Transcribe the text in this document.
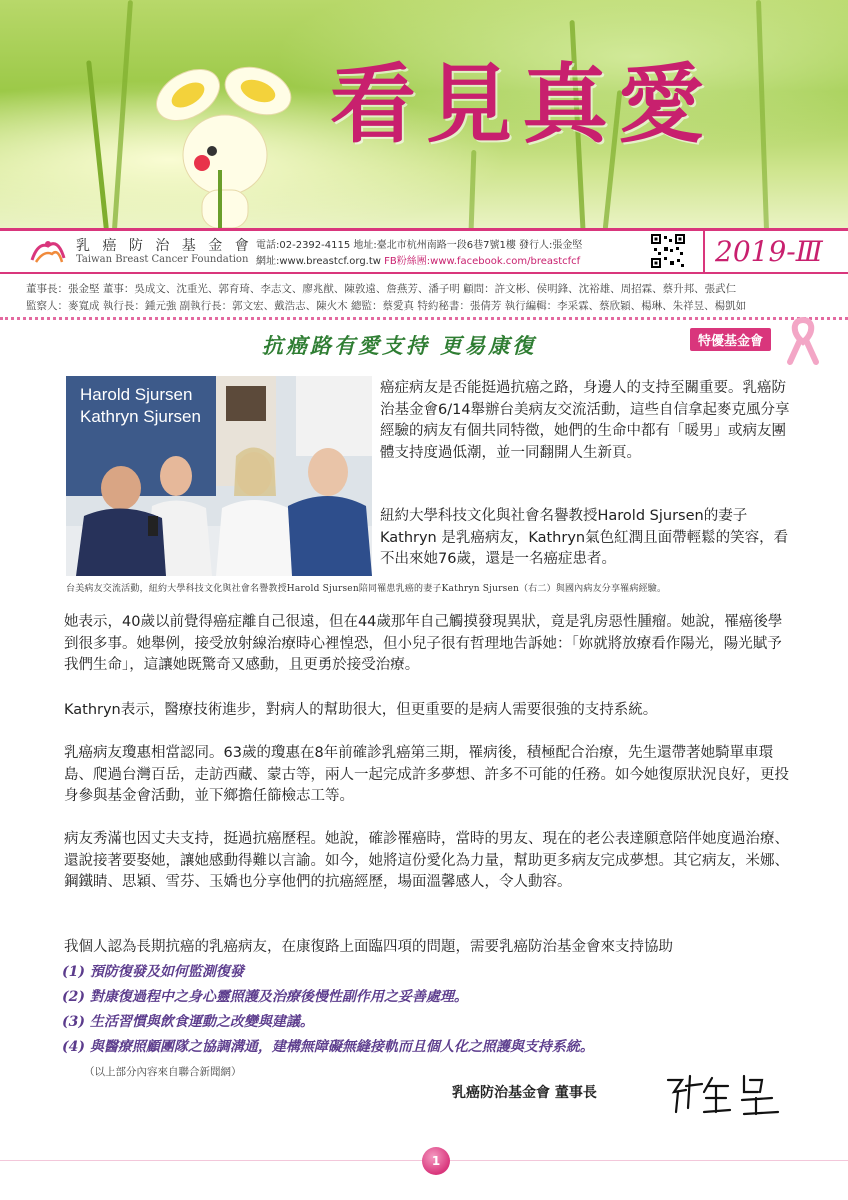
看見真愛
乳 癌 防 治 基 金 會
Taiwan Breast Cancer Foundation
電話:02-2392-4115 地址:臺北市杭州南路一段6巷7號1樓 發行人:張金堅
網址:www.breastcf.org.tw FB粉絲團:www.facebook.com/breastcfcf	2019-Ⅲ
董事長：張金堅 董事：吳成文、沈重光、郭育琦、李志文、廖兆猷、陳敦遠、詹燕芳、潘子明 顧問：許文彬、侯明鋒、沈裕雄、周招霖、蔡升邦、張武仁
監察人：麥寬成 執行長：鍾元強 副執行長：郭文宏、戴浩志、陳火木 總監：蔡愛真 特約秘書：張倩芳 執行編輯：李采霖、蔡欣穎、楊琳、朱祥昱、楊凱如
抗癌路有愛支持 更易康復	特優基金會
Harold Sjursen
Kathryn Sjursen
台美病友交流活動，紐約大學科技文化與社會名譽教授Harold Sjursen陪同罹患乳癌的妻子Kathryn Sjursen（右二）與國內病友分享罹病經驗。
癌症病友是否能挺過抗癌之路，身邊人的支持至關重要。乳癌防治基金會6/14舉辦台美病友交流活動，這些自信拿起麥克風分享經驗的病友有個共同特徵，她們的生命中都有「暖男」或病友團體支持度過低潮，並一同翻開人生新頁。
紐約大學科技文化與社會名譽教授Harold Sjursen的妻子Kathryn 是乳癌病友，Kathryn氣色紅潤且面帶輕鬆的笑容，看不出來她76歲，還是一名癌症患者。
她表示，40歲以前覺得癌症離自己很遠，但在44歲那年自己觸摸發現異狀，竟是乳房惡性腫瘤。她說，罹癌後學到很多事。她舉例，接受放射線治療時心裡惶恐，但小兒子很有哲理地告訴她：「妳就將放療看作陽光，陽光賦予我們生命」，這讓她既驚奇又感動，且更勇於接受治療。
Kathryn表示，醫療技術進步，對病人的幫助很大，但更重要的是病人需要很強的支持系統。
乳癌病友瓊惠相當認同。63歲的瓊惠在8年前確診乳癌第三期，罹病後，積極配合治療，先生還帶著她騎單車環島、爬過台灣百岳，走訪西藏、蒙古等，兩人一起完成許多夢想、許多不可能的任務。如今她復原狀況良好，更投身參與基金會活動，並下鄉擔任篩檢志工等。
病友秀滿也因丈夫支持，挺過抗癌歷程。她說，確診罹癌時，當時的男友、現在的老公表達願意陪伴她度過治療、還說接著要娶她，讓她感動得難以言諭。如今，她將這份愛化為力量，幫助更多病友完成夢想。其它病友，米娜、鋼鐵睛、思穎、雪芬、玉嬌也分享他們的抗癌經歷，場面溫馨感人，令人動容。
我個人認為長期抗癌的乳癌病友，在康復路上面臨四項的問題，需要乳癌防治基金會來支持協助
(1) 預防復發及如何監測復發
(2) 對康復過程中之身心靈照護及治療後慢性副作用之妥善處理。
(3) 生活習慣與飲食運動之改變與建議。
(4) 與醫療照顧團隊之協調溝通，建構無障礙無縫接軌而且個人化之照護與支持系統。
（以上部分內容來自聯合新聞網）
乳癌防治基金會 董事長
1
